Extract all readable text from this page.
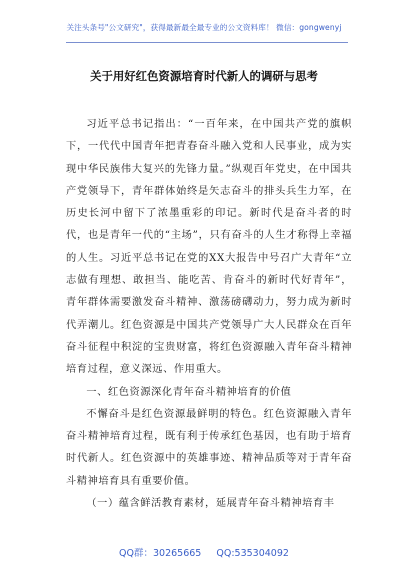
关注头条号"公文研究"，获得最新最全最专业的公文资料库！ 微信：gongwenyj
关于用好红色资源培育时代新人的调研与思考

习近平总书记指出：“一百年来，在中国共产党的旗帜下，一代代中国青年把青春奋斗融入党和人民事业，成为实现中华民族伟大复兴的先锋力量。”纵观百年党史，在中国共产党领导下，青年群体始终是矢志奋斗的排头兵生力军，在历史长河中留下了浓墨重彩的印记。新时代是奋斗者的时代，也是青年一代的“主场”，只有奋斗的人生才称得上幸福的人生。习近平总书记在党的XX大报告中号召广大青年“立志做有理想、敢担当、能吃苦、肯奋斗的新时代好青年”，青年群体需要激发奋斗精神、激荡磅礴动力，努力成为新时代弄潮儿。红色资源是中国共产党领导广大人民群众在百年奋斗征程中积淀的宝贵财富，将红色资源融入青年奋斗精神培育过程，意义深远、作用重大。

一、红色资源深化青年奋斗精神培育的价值

不懈奋斗是红色资源最鲜明的特色。红色资源融入青年奋斗精神培育过程，既有利于传承红色基因，也有助于培育时代新人。红色资源中的英雄事迹、精神品质等对于青年奋斗精神培育具有重要价值。

（一）蕴含鲜活教育素材，延展青年奋斗精神培育丰

QQ群：30265665 QQ:535304092
